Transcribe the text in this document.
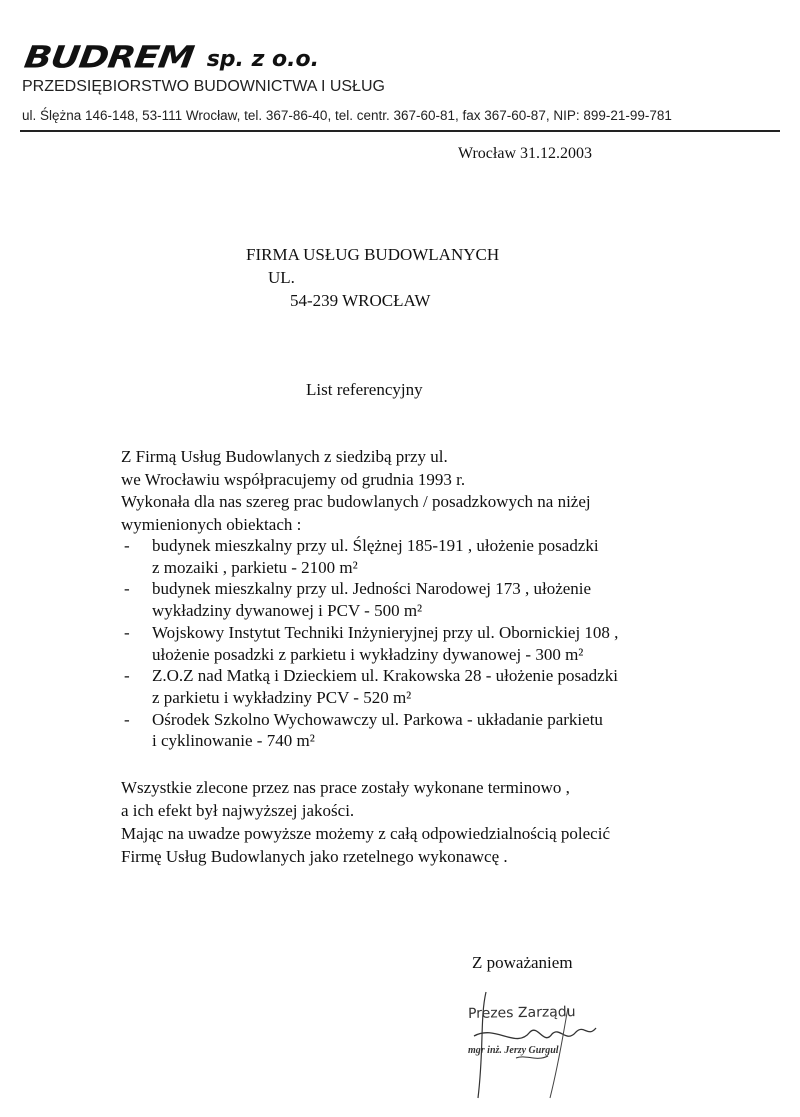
BUDREM sp. z o.o.
PRZEDSIĘBIORSTWO BUDOWNICTWA I USŁUG
ul. Ślężna 146-148, 53-111 Wrocław, tel. 367-86-40, tel. centr. 367-60-81, fax 367-60-87, NIP: 899-21-99-781
Wrocław 31.12.2003
FIRMA USŁUG BUDOWLANYCH
UL.
54-239 WROCŁAW
List referencyjny
Z Firmą Usług Budowlanych z siedzibą przy ul.
we Wrocławiu współpracujemy od grudnia 1993 r.
Wykonała dla nas szereg prac budowlanych / posadzkowych na niżej
wymienionych obiektach :
-	budynek mieszkalny przy ul. Ślężnej 185-191 , ułożenie posadzki
z mozaiki , parkietu - 2100 m²
-	budynek mieszkalny przy ul. Jedności Narodowej 173 , ułożenie
wykładziny dywanowej i PCV - 500 m²
-	Wojskowy Instytut Techniki Inżynieryjnej przy ul. Obornickiej 108 ,
ułożenie posadzki z parkietu i wykładziny dywanowej - 300 m²
-	Z.O.Z nad Matką i Dzieckiem ul. Krakowska 28 - ułożenie posadzki
z parkietu i wykładziny PCV - 520 m²
-	Ośrodek Szkolno Wychowawczy ul. Parkowa - układanie parkietu
i cyklinowanie - 740 m²
Wszystkie zlecone przez nas prace zostały wykonane terminowo ,
a ich efekt był najwyższej jakości.
Mając na uwadze powyższe możemy z całą odpowiedzialnością polecić
Firmę Usług Budowlanych jako rzetelnego wykonawcę .
Z poważaniem
Prezes Zarządu
mgr inż. Jerzy Gurgul
